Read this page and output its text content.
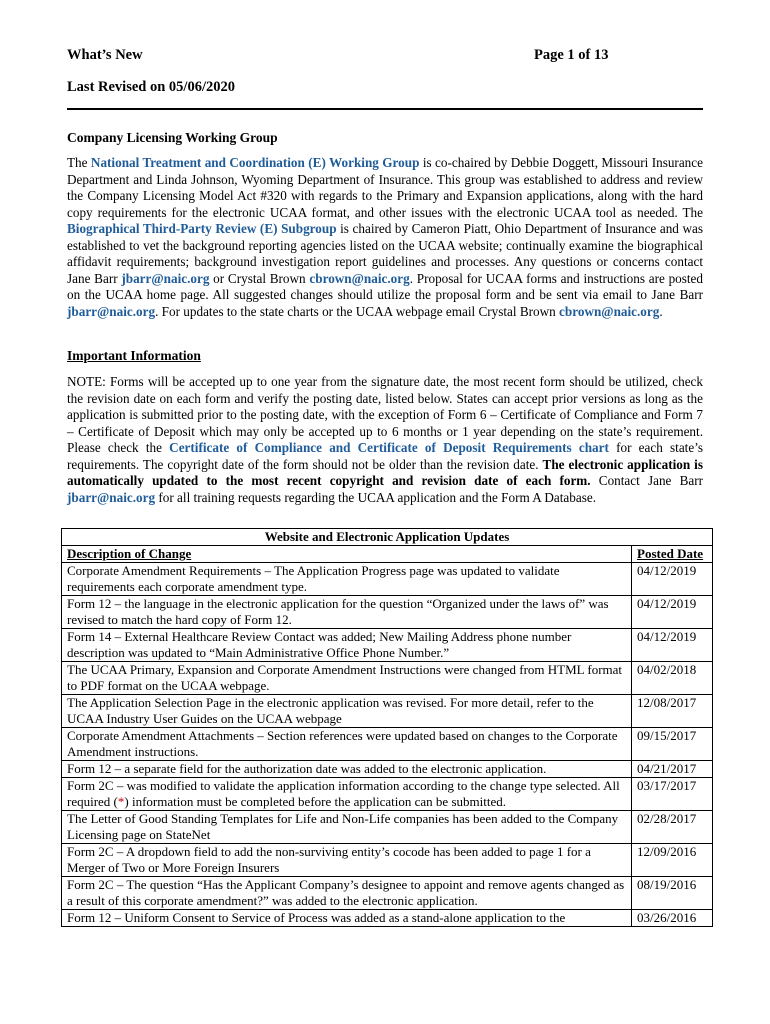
What’s New	Page 1 of 13
Last Revised on 05/06/2020
Company Licensing Working Group
The National Treatment and Coordination (E) Working Group is co-chaired by Debbie Doggett, Missouri Insurance Department and Linda Johnson, Wyoming Department of Insurance. This group was established to address and review the Company Licensing Model Act #320 with regards to the Primary and Expansion applications, along with the hard copy requirements for the electronic UCAA format, and other issues with the electronic UCAA tool as needed. The Biographical Third-Party Review (E) Subgroup is chaired by Cameron Piatt, Ohio Department of Insurance and was established to vet the background reporting agencies listed on the UCAA website; continually examine the biographical affidavit requirements; background investigation report guidelines and processes. Any questions or concerns contact Jane Barr jbarr@naic.org or Crystal Brown cbrown@naic.org. Proposal for UCAA forms and instructions are posted on the UCAA home page. All suggested changes should utilize the proposal form and be sent via email to Jane Barr jbarr@naic.org. For updates to the state charts or the UCAA webpage email Crystal Brown cbrown@naic.org.
Important Information
NOTE: Forms will be accepted up to one year from the signature date, the most recent form should be utilized, check the revision date on each form and verify the posting date, listed below. States can accept prior versions as long as the application is submitted prior to the posting date, with the exception of Form 6 – Certificate of Compliance and Form 7 – Certificate of Deposit which may only be accepted up to 6 months or 1 year depending on the state’s requirement. Please check the Certificate of Compliance and Certificate of Deposit Requirements chart for each state’s requirements. The copyright date of the form should not be older than the revision date. The electronic application is automatically updated to the most recent copyright and revision date of each form. Contact Jane Barr jbarr@naic.org for all training requests regarding the UCAA application and the Form A Database.
Website and Electronic Application Updates	
Description of Change	Posted Date
Corporate Amendment Requirements – The Application Progress page was updated to validate requirements each corporate amendment type.	04/12/2019
Form 12 – the language in the electronic application for the question “Organized under the laws of” was revised to match the hard copy of Form 12.	04/12/2019
Form 14 – External Healthcare Review Contact was added; New Mailing Address phone number description was updated to “Main Administrative Office Phone Number.”	04/12/2019
The UCAA Primary, Expansion and Corporate Amendment Instructions were changed from HTML format to PDF format on the UCAA webpage.	04/02/2018
The Application Selection Page in the electronic application was revised. For more detail, refer to the UCAA Industry User Guides on the UCAA webpage	12/08/2017
Corporate Amendment Attachments – Section references were updated based on changes to the Corporate Amendment instructions.	09/15/2017
Form 12 – a separate field for the authorization date was added to the electronic application.	04/21/2017
Form 2C – was modified to validate the application information according to the change type selected. All required (*) information must be completed before the application can be submitted.	03/17/2017
The Letter of Good Standing Templates for Life and Non-Life companies has been added to the Company Licensing page on StateNet	02/28/2017
Form 2C – A dropdown field to add the non-surviving entity’s cocode has been added to page 1 for a Merger of Two or More Foreign Insurers	12/09/2016
Form 2C – The question “Has the Applicant Company’s designee to appoint and remove agents changed as a result of this corporate amendment?” was added to the electronic application.	08/19/2016
Form 12 – Uniform Consent to Service of Process was added as a stand-alone application to the	03/26/2016
